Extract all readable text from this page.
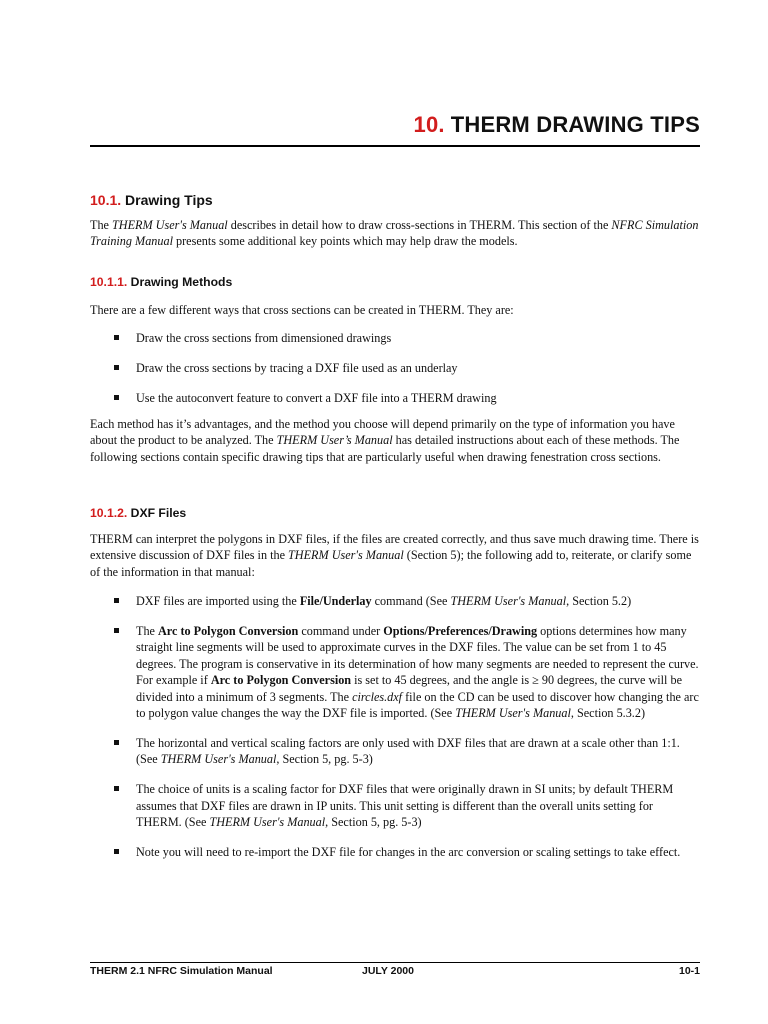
10. THERM DRAWING TIPS
10.1. Drawing Tips
The THERM User's Manual describes in detail how to draw cross-sections in THERM. This section of the NFRC Simulation Training Manual presents some additional key points which may help draw the models.
10.1.1. Drawing Methods
There are a few different ways that cross sections can be created in THERM. They are:
Draw the cross sections from dimensioned drawings
Draw the cross sections by tracing a DXF file used as an underlay
Use the autoconvert feature to convert a DXF file into a THERM drawing
Each method has it’s advantages, and the method you choose will depend primarily on the type of information you have about the product to be analyzed. The THERM User’s Manual has detailed instructions about each of these methods. The following sections contain specific drawing tips that are particularly useful when drawing fenestration cross sections.
10.1.2. DXF Files
THERM can interpret the polygons in DXF files, if the files are created correctly, and thus save much drawing time. There is extensive discussion of DXF files in the THERM User's Manual (Section 5); the following add to, reiterate, or clarify some of the information in that manual:
DXF files are imported using the File/Underlay command (See THERM User's Manual, Section 5.2)
The Arc to Polygon Conversion command under Options/Preferences/Drawing options determines how many straight line segments will be used to approximate curves in the DXF files. The value can be set from 1 to 45 degrees. The program is conservative in its determination of how many segments are needed to represent the curve. For example if Arc to Polygon Conversion is set to 45 degrees, and the angle is ≥ 90 degrees, the curve will be divided into a minimum of 3 segments. The circles.dxf file on the CD can be used to discover how changing the arc to polygon value changes the way the DXF file is imported. (See THERM User's Manual, Section 5.3.2)
The horizontal and vertical scaling factors are only used with DXF files that are drawn at a scale other than 1:1. (See THERM User's Manual, Section 5, pg. 5-3)
The choice of units is a scaling factor for DXF files that were originally drawn in SI units; by default THERM assumes that DXF files are drawn in IP units. This unit setting is different than the overall units setting for THERM. (See THERM User's Manual, Section 5, pg. 5-3)
Note you will need to re-import the DXF file for changes in the arc conversion or scaling settings to take effect.
THERM 2.1 NFRC Simulation Manual	JULY 2000	10-1
